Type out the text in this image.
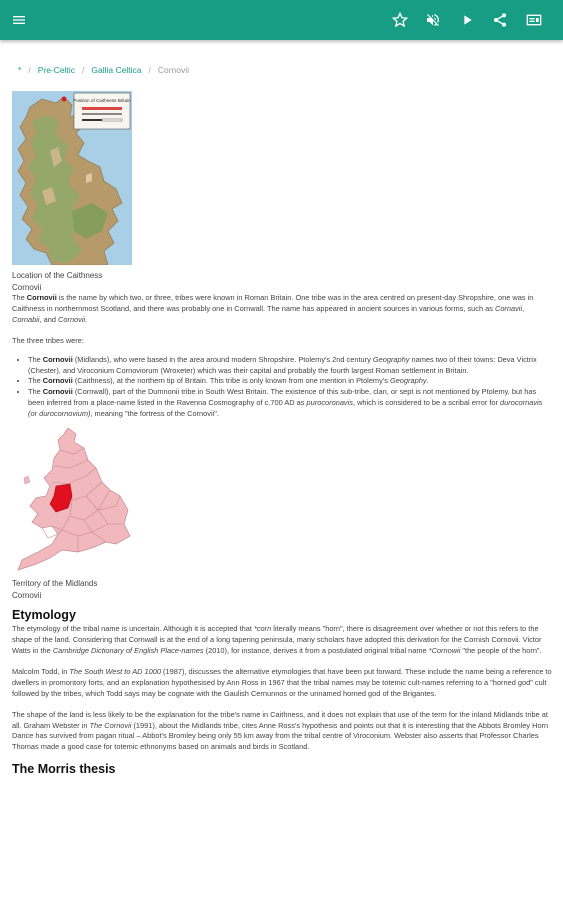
* / Pre-Celtic / Gallia Celtica / Cornovii
Position of Caithness Britain
Location of the Caithness
Cornovii

The Cornovii is the name by which two, or three, tribes were known in Roman Britain. One tribe was in the area centred on present-day Shropshire, one was in Caithness in northernmost Scotland, and there was probably one in Cornwall. The name has appeared in ancient sources in various forms, such as Cornavii, Cornabii, and Cornovii.

The three tribes were:

• The Cornovii (Midlands), who were based in the area around modern Shropshire. Ptolemy's 2nd century Geography names two of their towns: Deva Victrix (Chester), and Viroconium Cornoviorum (Wroxeter) which was their capital and probably the fourth largest Roman settlement in Britain.
• The Cornovii (Caithness), at the northern tip of Britain. This tribe is only known from one mention in Ptolemy's Geography.
• The Cornovii (Cornwall), part of the Dumnonii tribe in South West Britain. The existence of this sub-tribe, clan, or sept is not mentioned by Ptolemy, but has been inferred from a place-name listed in the Ravenna Cosmography of c.700 AD as purocoronavis, which is considered to be a scribal error for durocornavis (or durocornovium), meaning "the fortress of the Cornovii".
Territory of the Midlands
Cornovii
Etymology

The etymology of the tribal name is uncertain. Although it is accepted that *corn literally means "horn", there is disagreement over whether or not this refers to the shape of the land. Considering that Cornwall is at the end of a long tapering peninsula, many scholars have adopted this derivation for the Cornish Cornovii. Victor Watts in the Cambridge Dictionary of English Place-names (2010), for instance, derives it from a postulated original tribal name *Cornowii "the people of the horn".

Malcolm Todd, in The South West to AD 1000 (1987), discusses the alternative etymologies that have been put forward. These include the name being a reference to dwellers in promontory forts, and an explanation hypothesised by Ann Ross in 1967 that the tribal names may be totemic cult-names referring to a "horned god" cult followed by the tribes, which Todd says may be cognate with the Gaulish Cernunnos or the unnamed horned god of the Brigantes.

The shape of the land is less likely to be the explanation for the tribe's name in Caithness, and it does not explain that use of the term for the inland Midlands tribe at all. Graham Webster in The Cornovii (1991), about the Midlands tribe, cites Anne Ross's hypothesis and points out that it is interesting that the Abbots Bromley Horn Dance has survived from pagan ritual – Abbot's Bromley being only 55 km away from the tribal centre of Viroconium. Webster also asserts that Professor Charles Thomas made a good case for totemic ethnonyms based on animals and birds in Scotland.

The Morris thesis
